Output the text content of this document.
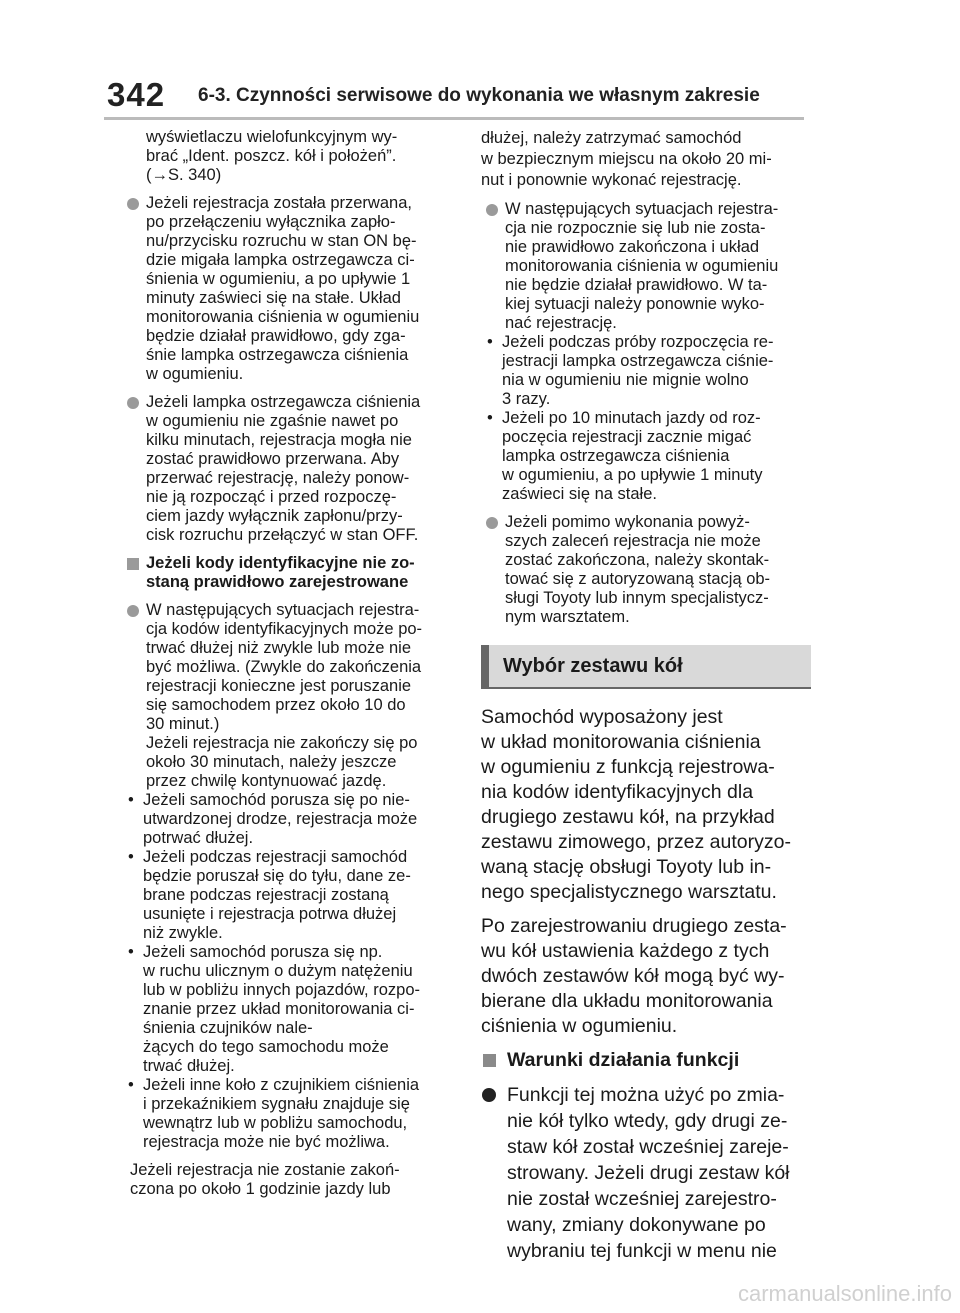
342 6-3. Czynności serwisowe do wykonania we własnym zakresie

wyświetlaczu wielofunkcyjnym wy-

brać „Ident. poszcz. kół i położeń”.

(→S. 340)

Jeżeli rejestracja została przerwana,

po przełączeniu wyłącznika zapło-

nu/przycisku rozruchu w stan ON bę-

dzie migała lampka ostrzegawcza ci-

śnienia w ogumieniu, a po upływie 1

minuty zaświeci się na stałe. Układ

monitorowania ciśnienia w ogumieniu

będzie działał prawidłowo, gdy zga-

śnie lampka ostrzegawcza ciśnienia

w ogumieniu.

Jeżeli lampka ostrzegawcza ciśnienia

w ogumieniu nie zgaśnie nawet po

kilku minutach, rejestracja mogła nie

zostać prawidłowo przerwana. Aby

przerwać rejestrację, należy ponow-

nie ją rozpocząć i przed rozpoczę-

ciem jazdy wyłącznik zapłonu/przy-

cisk rozruchu przełączyć w stan OFF.

Jeżeli kody identyfikacyjne nie zo-

staną prawidłowo zarejestrowane

W następujących sytuacjach rejestra-

cja kodów identyfikacyjnych może po-

trwać dłużej niż zwykle lub może nie

być możliwa. (Zwykle do zakończenia

rejestracji konieczne jest poruszanie

się samochodem przez około 10 do

30 minut.)

Jeżeli rejestracja nie zakończy się po

około 30 minutach, należy jeszcze

przez chwilę kontynuować jazdę.

• Jeżeli samochód porusza się po nie-

utwardzonej drodze, rejestracja może

potrwać dłużej.

• Jeżeli podczas rejestracji samochód

będzie poruszał się do tyłu, dane ze-

brane podczas rejestracji zostaną

usunięte i rejestracja potrwa dłużej

niż zwykle.

• Jeżeli samochód porusza się np.

w ruchu ulicznym o dużym natężeniu

lub w pobliżu innych pojazdów, rozpo-

znanie przez układ monitorowania ci-

śnienia czujników nale-

żących do tego samochodu może

trwać dłużej.

• Jeżeli inne koło z czujnikiem ciśnienia

i przekaźnikiem sygnału znajduje się

wewnątrz lub w pobliżu samochodu,

rejestracja może nie być możliwa.

Jeżeli rejestracja nie zostanie zakoń-

czona po około 1 godzinie jazdy lub

dłużej, należy zatrzymać samochód

w bezpiecznym miejscu na około 20 mi-

nut i ponownie wykonać rejestrację.

W następujących sytuacjach rejestra-

cja nie rozpocznie się lub nie zosta-

nie prawidłowo zakończona i układ

monitorowania ciśnienia w ogumieniu

nie będzie działał prawidłowo. W ta-

kiej sytuacji należy ponownie wyko-

nać rejestrację.

• Jeżeli podczas próby rozpoczęcia re-

jestracji lampka ostrzegawcza ciśnie-

nia w ogumieniu nie mignie wolno

3 razy.

• Jeżeli po 10 minutach jazdy od roz-

poczęcia rejestracji zacznie migać

lampka ostrzegawcza ciśnienia

w ogumieniu, a po upływie 1 minuty

zaświeci się na stałe.

Jeżeli pomimo wykonania powyż-

szych zaleceń rejestracja nie może

zostać zakończona, należy skontak-

tować się z autoryzowaną stacją ob-

sługi Toyoty lub innym specjalistycz-

nym warsztatem.

Wybór zestawu kół

Samochód wyposażony jest

w układ monitorowania ciśnienia

w ogumieniu z funkcją rejestrowa-

nia kodów identyfikacyjnych dla

drugiego zestawu kół, na przykład

zestawu zimowego, przez autoryzo-

waną stację obsługi Toyoty lub in-

nego specjalistycznego warsztatu.

Po zarejestrowaniu drugiego zesta-

wu kół ustawienia każdego z tych

dwóch zestawów kół mogą być wy-

bierane dla układu monitorowania

ciśnienia w ogumieniu.

Warunki działania funkcji

Funkcji tej można użyć po zmia-

nie kół tylko wtedy, gdy drugi ze-

staw kół został wcześniej zareje-

strowany. Jeżeli drugi zestaw kół

nie został wcześniej zarejestro-

wany, zmiany dokonywane po

wybraniu tej funkcji w menu nie

carmanualsonline.info
